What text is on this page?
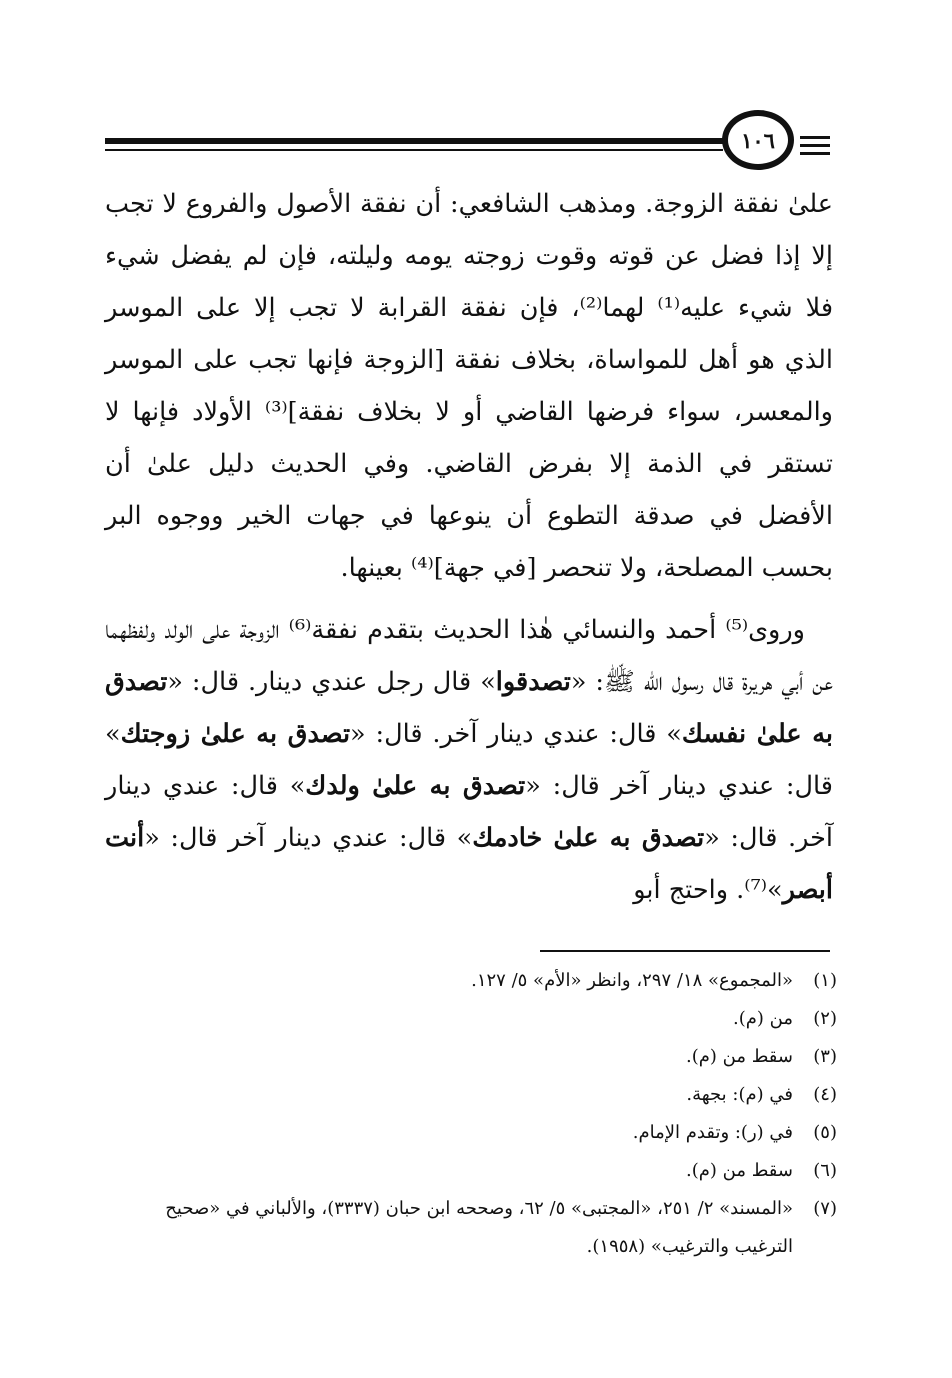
١٠٦

علىٰ نفقة الزوجة. ومذهب الشافعي: أن نفقة الأصول والفروع لا تجب إلا إذا فضل عن قوته وقوت زوجته يومه وليلته، فإن لم يفضل شيء فلا شيء عليه⁽¹⁾ لهما⁽²⁾، فإن نفقة القرابة لا تجب إلا على الموسر الذي هو أهل للمواساة، بخلاف نفقة [الزوجة فإنها تجب على الموسر والمعسر، سواء فرضها القاضي أو لا بخلاف نفقة]⁽³⁾ الأولاد فإنها لا تستقر في الذمة إلا بفرض القاضي. وفي الحديث دليل علىٰ أن الأفضل في صدقة التطوع أن ينوعها في جهات الخير ووجوه البر بحسب المصلحة، ولا تنحصر [في جهة]⁽⁴⁾ بعينها.

وروى⁽⁵⁾ أحمد والنسائي هٰذا الحديث بتقدم نفقة⁽⁶⁾ الزوجة على الولد ولفظهما عن أبي هريرة قال رسول الله ﷺ: «تصدقوا» قال رجل عندي دينار. قال: «تصدق به علىٰ نفسك» قال: عندي دينار آخر. قال: «تصدق به علىٰ زوجتك» قال: عندي دينار آخر قال: «تصدق به علىٰ ولدك» قال: عندي دينار آخر. قال: «تصدق به علىٰ خادمك» قال: عندي دينار آخر قال: «أنت أبصر»⁽⁷⁾. واحتج أبو

(١)
«المجموع» ١٨/ ٢٩٧، وانظر «الأم» ٥/ ١٢٧.
(٢)
من (م).
(٣)
سقط من (م).
(٤)
في (م): بجهة.
(٥)
في (ر): وتقدم الإمام.
(٦)
سقط من (م).
(٧)
«المسند» ٢/ ٢٥١، «المجتبى» ٥/ ٦٢، وصححه ابن حبان (٣٣٣٧)، والألباني في «صحيح الترغيب والترغيب» (١٩٥٨).
